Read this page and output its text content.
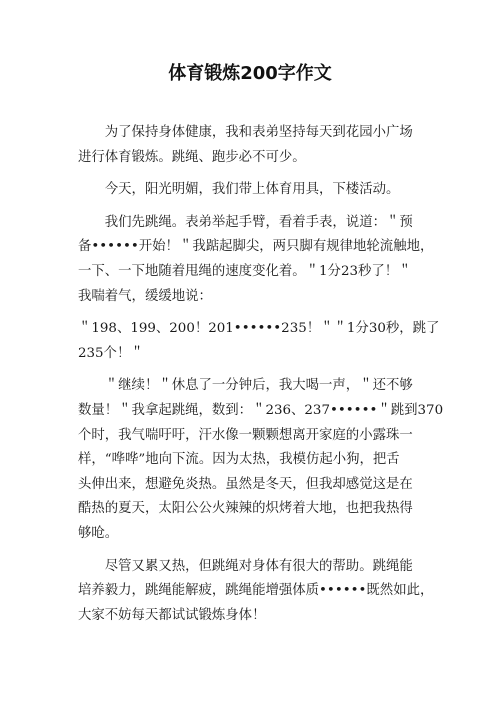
体育锻炼200字作文
　　为了保持身体健康，我和表弟坚持每天到花园小广场
进行体育锻炼。跳绳、跑步必不可少。
　　今天，阳光明媚，我们带上体育用具，下楼活动。
　　我们先跳绳。表弟举起手臂，看着手表，说道：＂预
备••••••开始！＂我踮起脚尖，两只脚有规律地轮流触地，
一下、一下地随着甩绳的速度变化着。＂1分23秒了！＂
我喘着气，缓缓地说：
＂198、199、200！201••••••235！＂＂1分30秒，跳了
235个！＂
　　＂继续！＂休息了一分钟后，我大喝一声，＂还不够
数量！＂我拿起跳绳，数到：＂236、237••••••＂跳到370
个时，我气喘吁吁，汗水像一颗颗想离开家庭的小露珠一
样，“哗哗”地向下流。因为太热，我模仿起小狗，把舌
头伸出来，想避免炎热。虽然是冬天，但我却感觉这是在
酷热的夏天，太阳公公火辣辣的炽烤着大地，也把我热得
够呛。
　　尽管又累又热，但跳绳对身体有很大的帮助。跳绳能
培养毅力，跳绳能解疲，跳绳能增强体质••••••既然如此，
大家不妨每天都试试锻炼身体！
